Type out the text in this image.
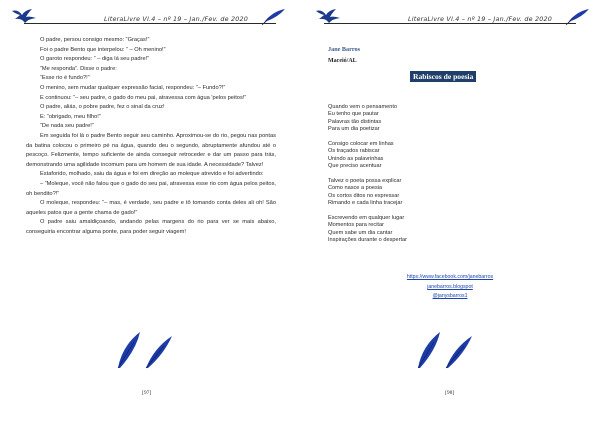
LiteraLivre Vl.4 – nº 19 – Jan./Fev. de 2020

O padre, persou consigo mesmo: “Graças!”

Foi o padre Bento que interpelou: “ – Oh menino!”

O garoto respondeu: “ – diga lá seu padre!”

“Me responda”. Disse o padre:

“Esse rio é fundo?!”

O menino, sem mudar qualquer expressão facial, respondeu: “– Fundo?!”

E continuou: “– seu padre, o gado do meu pai, atravessa com água 'pelos peitos!”

O padre, aliás, o pobre padre, fez o sinal da cruz!

E: “obrigado, meu filho!”

“De nada seu padre!”

Em seguida foi lá o padre Bento seguir seu caminho. Aproximou-se do rio, pegou nas pontas da batina colocou o primeiro pé na água, quando deu o segundo, abruptamente afundou até o pescoço. Felizmente, tempo suficiente de ainda conseguir retroceder e dar um passo para trás, demonstrando uma agilidade incomum para um homem de sua idade. A necessidade? Talvez!

Estaforido, molhado, saiu da água e foi em direção ao moleque atrevido e foi advertindo:

– “Moleque, você não falou que o gado do seu pai, atravessa esse rio com água pelos peitos, oh bendito?!”

O moleque, respondeu: “– mas, é verdade, seu padre e tô tomando conta deles ali oh! São aqueles patos que a gente chama de gado!”

O padre saiu amaldiçoando, andando pelas margens do rio para ver se mais abaixo, conseguiria encontrar alguma ponte, para poder seguir viagem!

[97]
LiteraLivre Vl.4 – nº 19 – Jan./Fev. de 2020
Jane Barros
Maceió/AL
Rabiscos de poesia
Quando vem o pensamento
Eu tenho que pautar
Palavras tão distintas
Para um dia poetizar
Consigo colocar em linhas
Os traçados rabiscar
Unindo as palavrinhas
Que preciso acentuar
Talvez o poeta possa explicar
Como nasce a poesia
Os cortos ditos no expressar
Rimando e cada linha tracejar
Escrevendo em qualquer lugar
Momentos para recitar
Quem sabe um dia cantar
Inspirações durante o despertar
https://www.facebook.com/janebarros
janebarros.blogspot
@janysbarros1
[98]
